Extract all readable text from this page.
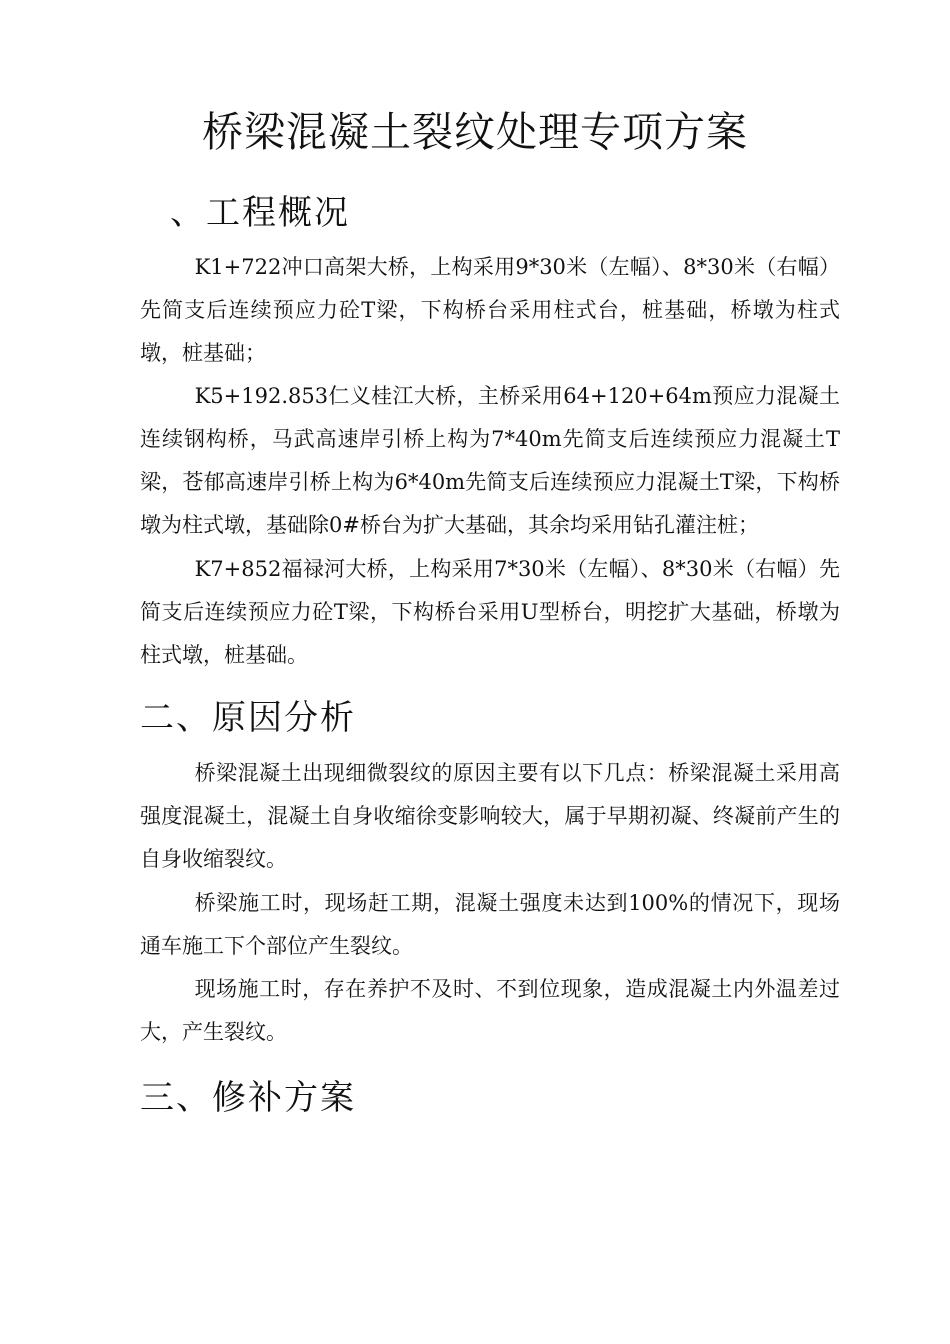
桥梁混凝土裂纹处理专项方案
、工程概况

K1+722冲口高架大桥，上构采用9*30米（左幅）、8*30米（右幅）先简支后连续预应力砼T梁，下构桥台采用柱式台，桩基础，桥墩为柱式墩，桩基础；

K5+192.853仁义桂江大桥，主桥采用64+120+64m预应力混凝土连续钢构桥，马武高速岸引桥上构为7*40m先简支后连续预应力混凝土T梁，苍郁高速岸引桥上构为6*40m先简支后连续预应力混凝土T梁，下构桥墩为柱式墩，基础除0#桥台为扩大基础，其余均采用钻孔灌注桩；

K7+852福禄河大桥，上构采用7*30米（左幅）、8*30米（右幅）先简支后连续预应力砼T梁，下构桥台采用U型桥台，明挖扩大基础，桥墩为柱式墩，桩基础。

二、原因分析

桥梁混凝土出现细微裂纹的原因主要有以下几点：桥梁混凝土采用高强度混凝土，混凝土自身收缩徐变影响较大，属于早期初凝、终凝前产生的自身收缩裂纹。

桥梁施工时，现场赶工期，混凝土强度未达到100%的情况下，现场通车施工下个部位产生裂纹。

现场施工时，存在养护不及时、不到位现象，造成混凝土内外温差过大，产生裂纹。

三、修补方案
